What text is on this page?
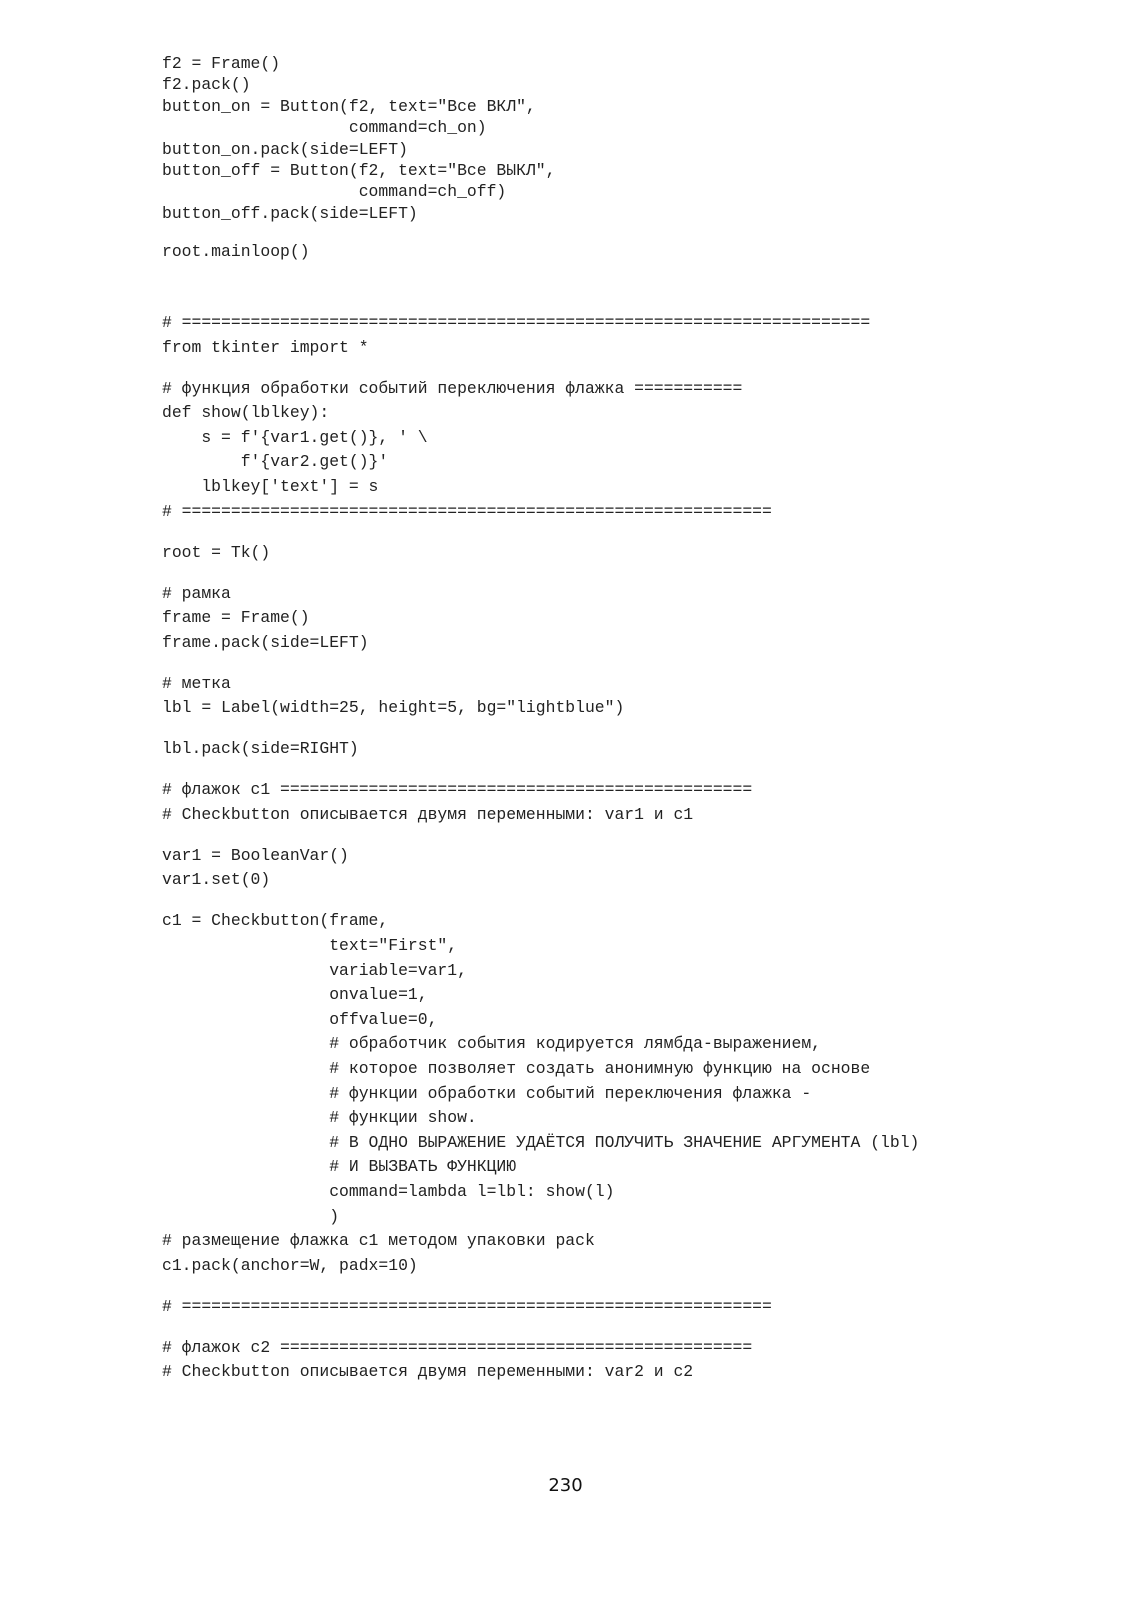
f2 = Frame()
f2.pack()
button_on = Button(f2, text="Все ВКЛ",
command=ch_on)
button_on.pack(side=LEFT)
button_off = Button(f2, text="Все ВЫКЛ",
command=ch_off)
button_off.pack(side=LEFT)
root.mainloop()
# ======================================================================
from tkinter import *
# функция обработки событий переключения флажка ===========
def show(lblkey):
s = f'{var1.get()}, ' \
f'{var2.get()}'
lblkey['text'] = s
# ============================================================
root = Tk()
# рамка
frame = Frame()
frame.pack(side=LEFT)
# метка
lbl = Label(width=25, height=5, bg="lightblue")
lbl.pack(side=RIGHT)
# флажок c1 ================================================
# Checkbutton описывается двумя переменными: var1 и c1
var1 = BooleanVar()
var1.set(0)
c1 = Checkbutton(frame,
text="First",
variable=var1,
onvalue=1,
offvalue=0,
# обработчик события кодируется лямбда-выражением,
# которое позволяет создать анонимную функцию на основе
# функции обработки событий переключения флажка -
# функции show.
# В ОДНО ВЫРАЖЕНИЕ УДАЁТСЯ ПОЛУЧИТЬ ЗНАЧЕНИЕ АРГУМЕНТА (lbl)
# И ВЫЗВАТЬ ФУНКЦИЮ
command=lambda l=lbl: show(l)
)
# размещение флажка c1 методом упаковки pack
c1.pack(anchor=W, padx=10)
# ============================================================
# флажок c2 ================================================
# Checkbutton описывается двумя переменными: var2 и c2

230
